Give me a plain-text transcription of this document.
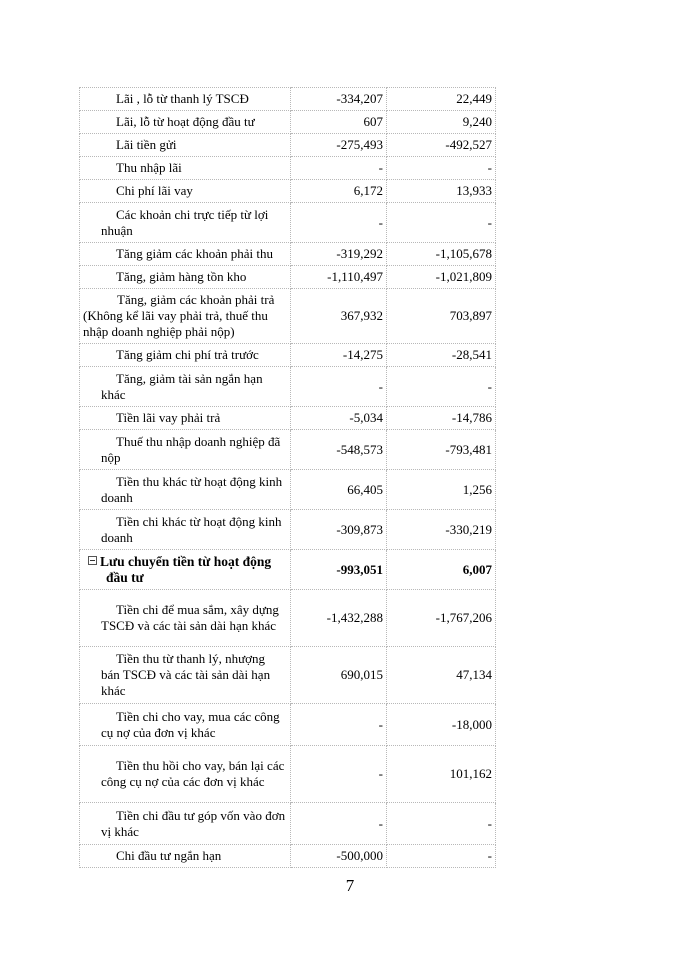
Lãi , lỗ từ thanh lý TSCĐ	-334,207	22,449
Lãi, lỗ từ hoạt động đầu tư	607	9,240
Lãi tiền gửi	-275,493	-492,527
Thu nhập lãi	-	-
Chi phí lãi vay	6,172	13,933
Các khoản chi trực tiếp từ lợi nhuận	-	-
Tăng giảm các khoản phải thu	-319,292	-1,105,678
Tăng, giảm hàng tồn kho	-1,110,497	-1,021,809
Tăng, giảm các khoản phải trả (Không kể lãi vay phải trả, thuế thu nhập doanh nghiệp phải nộp)	367,932	703,897
Tăng giảm chi phí trả trước	-14,275	-28,541
Tăng, giảm tài sản ngắn hạn khác	-	-
Tiền lãi vay phải trả	-5,034	-14,786
Thuế thu nhập doanh nghiệp đã nộp	-548,573	-793,481
Tiền thu khác từ hoạt động kinh doanh	66,405	1,256
Tiền chi khác từ hoạt động kinh doanh	-309,873	-330,219
Lưu chuyển tiền từ hoạt động đầu tư	-993,051	6,007
Tiền chi để mua sắm, xây dựng TSCĐ và các tài sản dài hạn khác	-1,432,288	-1,767,206
Tiền thu từ thanh lý, nhượng bán TSCĐ và các tài sản dài hạn khác	690,015	47,134
Tiền chi cho vay, mua các công cụ nợ của đơn vị khác	-	-18,000
Tiền thu hồi cho vay, bán lại các công cụ nợ của các đơn vị khác	-	101,162
Tiền chi đầu tư góp vốn vào đơn vị khác	-	-
Chi đầu tư ngắn hạn	-500,000	-
7
